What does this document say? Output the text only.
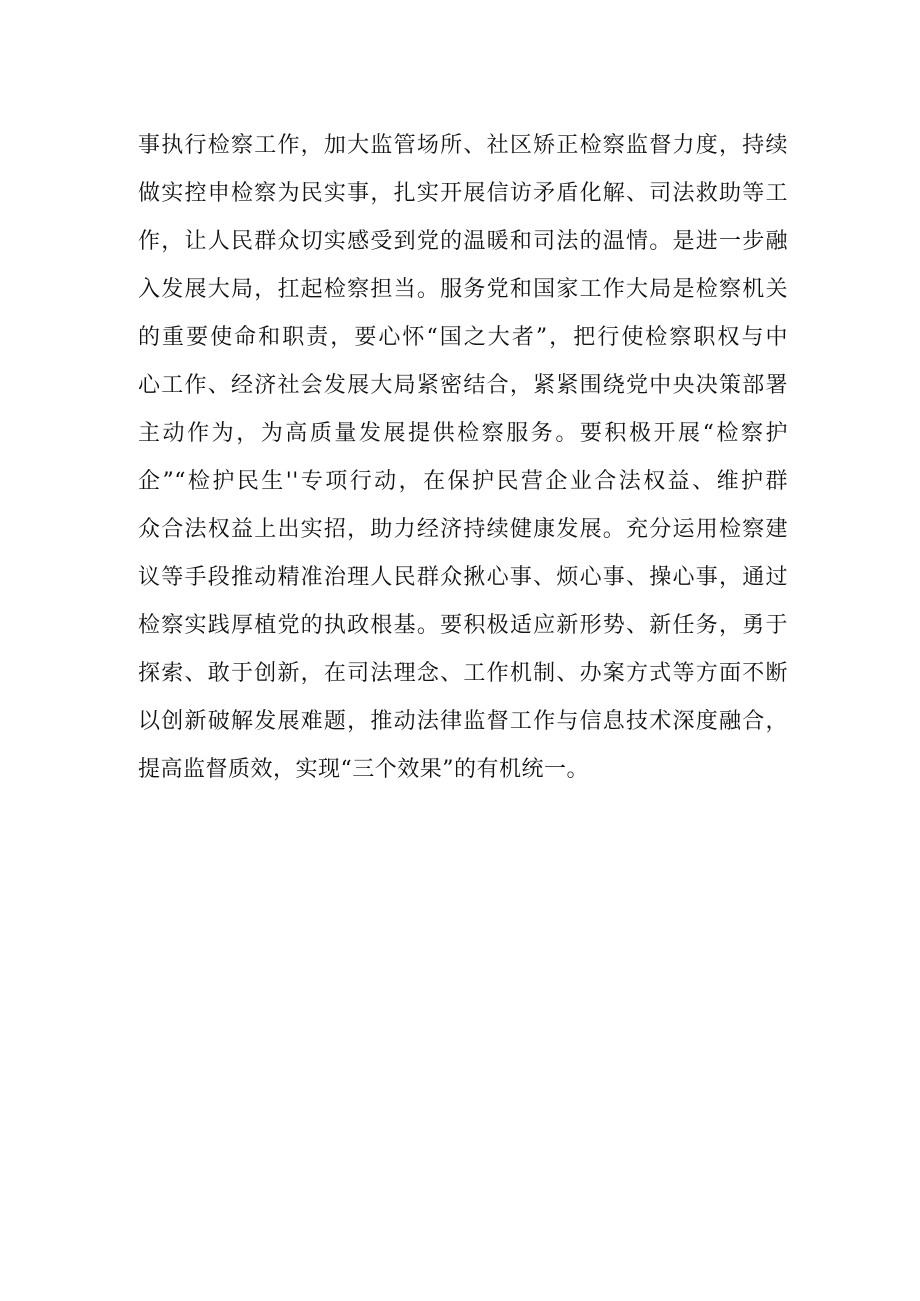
事执行检察工作，加大监管场所、社区矫正检察监督力度，持续
做实控申检察为民实事，扎实开展信访矛盾化解、司法救助等工
作，让人民群众切实感受到党的温暖和司法的温情。是进一步融
入发展大局，扛起检察担当。服务党和国家工作大局是检察机关
的重要使命和职责，要心怀“国之大者”，把行使检察职权与中
心工作、经济社会发展大局紧密结合，紧紧围绕党中央决策部署
主动作为，为高质量发展提供检察服务。要积极开展“检察护
企”“检护民生''专项行动，在保护民营企业合法权益、维护群
众合法权益上出实招，助力经济持续健康发展。充分运用检察建
议等手段推动精准治理人民群众揪心事、烦心事、操心事，通过
检察实践厚植党的执政根基。要积极适应新形势、新任务，勇于
探索、敢于创新，在司法理念、工作机制、办案方式等方面不断
以创新破解发展难题，推动法律监督工作与信息技术深度融合，
提高监督质效，实现“三个效果”的有机统一。
